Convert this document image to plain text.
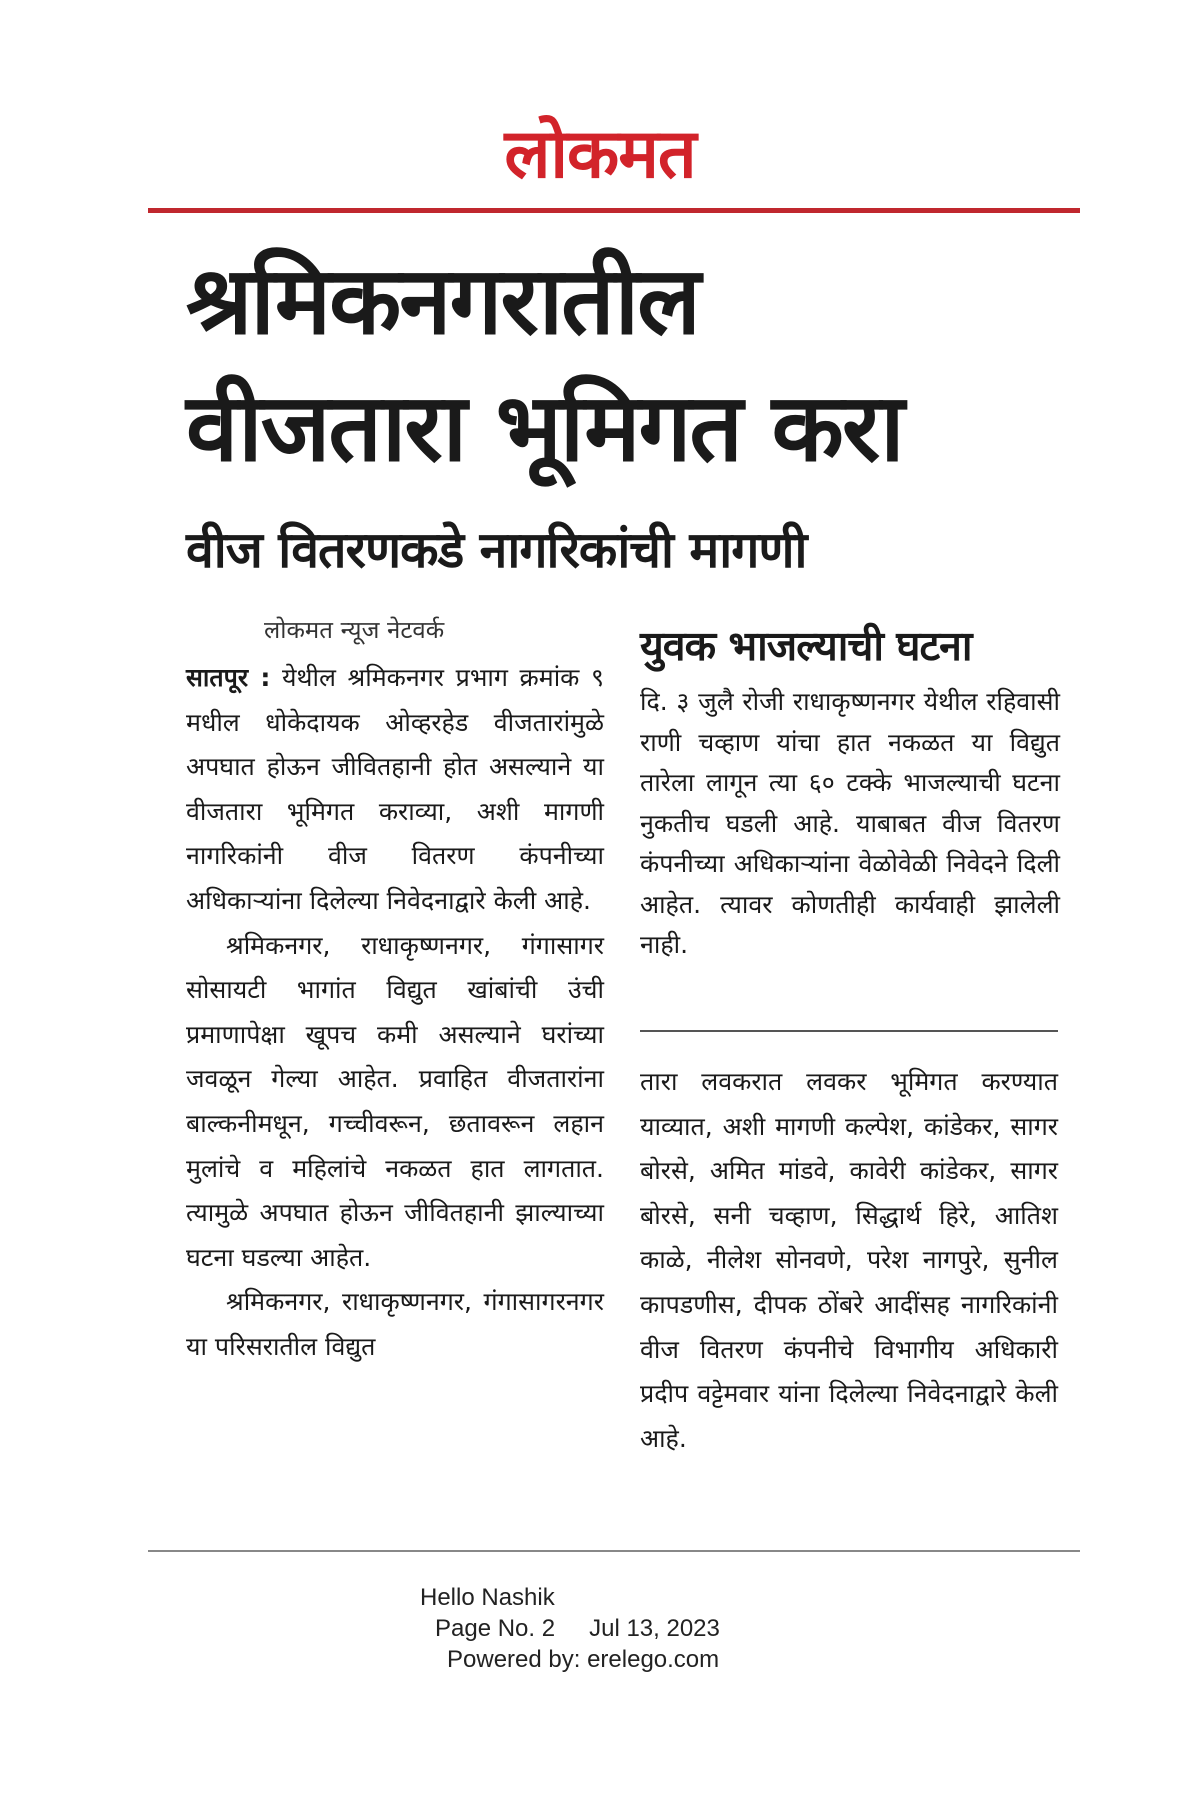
लोकमत
श्रमिकनगरातील
वीजतारा भूमिगत करा
वीज वितरणकडे नागरिकांची मागणी
लोकमत न्यूज नेटवर्क

सातपूर : येथील श्रमिकनगर प्रभाग क्रमांक ९ मधील धोकेदायक ओव्हरहेड वीजतारांमुळे अपघात होऊन जीवितहानी होत असल्याने या वीजतारा भूमिगत कराव्या, अशी मागणी नागरिकांनी वीज वितरण कंपनीच्या अधिकाऱ्यांना दिलेल्या निवेदनाद्वारे केली आहे.

श्रमिकनगर, राधाकृष्णनगर, गंगासागर सोसायटी भागांत विद्युत खांबांची उंची प्रमाणापेक्षा खूपच कमी असल्याने घरांच्या जवळून गेल्या आहेत. प्रवाहित वीजतारांना बाल्कनीमधून, गच्चीवरून, छतावरून लहान मुलांचे व महिलांचे नकळत हात लागतात. त्यामुळे अपघात होऊन जीवितहानी झाल्याच्या घटना घडल्या आहेत.

श्रमिकनगर, राधाकृष्णनगर, गंगासागरनगर या परिसरातील विद्युत

युवक भाजल्याची घटना

दि. ३ जुलै रोजी राधाकृष्णनगर येथील रहिवासी राणी चव्हाण यांचा हात नकळत या विद्युत तारेला लागून त्या ६० टक्के भाजल्याची घटना नुकतीच घडली आहे. याबाबत वीज वितरण कंपनीच्या अधिकाऱ्यांना वेळोवेळी निवेदने दिली आहेत. त्यावर कोणतीही कार्यवाही झालेली नाही.

तारा लवकरात लवकर भूमिगत करण्यात याव्यात, अशी मागणी कल्पेश, कांडेकर, सागर बोरसे, अमित मांडवे, कावेरी कांडेकर, सागर बोरसे, सनी चव्हाण, सिद्धार्थ हिरे, आतिश काळे, नीलेश सोनवणे, परेश नागपुरे, सुनील कापडणीस, दीपक ठोंबरे आदींसह नागरिकांनी वीज वितरण कंपनीचे विभागीय अधिकारी प्रदीप वट्टेमवार यांना दिलेल्या निवेदनाद्वारे केली आहे.

Hello Nashik
Page No. 2 Jul 13, 2023
Powered by: erelego.com
